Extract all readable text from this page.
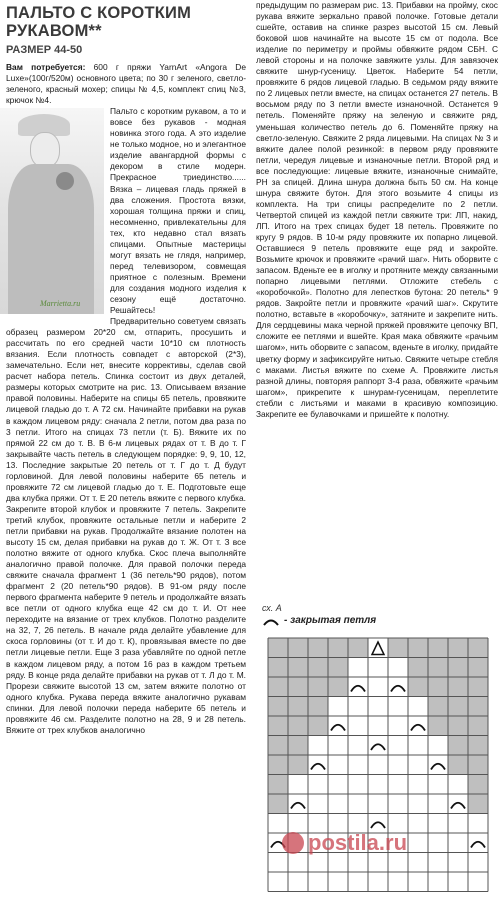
ПАЛЬТО С КОРОТКИМ
РУКАВОМ**
РАЗМЕР 44-50

Вам потребуется: 600 г пряжи YarnArt «Angora De Luxe»(100г/520м) основного цвета; по 30 г зеленого, светло-зеленого, красный мохер; спицы № 4,5, комплект спиц №3, крючок №4.

Marrietta.ru

Пальто с коротким рукавом, а то и вовсе без рукавов - модная новинка этого года. А это изделие не только модное, но и элегантное изделие авангардной формы с декором в стиле модерн. Прекрасное триединство...... Вязка – лицевая гладь пряжей в два сложения. Простота вязки, хорошая толщина пряжи и спиц, несомненно, привлекательны для тех, кто недавно стал вязать спицами. Опытные мастерицы могут вязать не глядя, например, перед телевизором, совмещая приятное с полезным. Времени для создания модного изделия к сезону ещё достаточно. Решайтесь!

Предварительно советуем связать образец размером 20*20 см, отпарить, просушить и рассчитать по его средней части 10*10 см плотность вязания. Если плотность совпадет с авторской (2*3), замечательно. Если нет, внесите коррективы, сделав свой расчет набора петель. Спинка состоит из двух деталей, размеры которых смотрите на рис. 13. Описываем вязание правой половины. Наберите на спицы 65 петель, провяжите лицевой гладью до т. А 72 см. Начинайте прибавки на рукав в каждом лицевом ряду: сначала 2 петли, потом два раза по 3 петли. Итого на спицах 73 петли (т. Б). Вяжите их по прямой 22 см до т. В. В 6-м лицевых рядах от т. В до т. Г закрывайте часть петель в следующем порядке: 9, 9, 10, 12, 13. Последние закрытые 20 петель от т. Г до т. Д будут горловиной. Для левой половины наберите 65 петель и провяжите 72 см лицевой гладью до т. Е. Подготовьте еще два клубка пряжи. От т. Е 20 петель вяжите с первого клубка. Закрепите второй клубок и провяжите 7 петель. Закрепите третий клубок, провяжите остальные петли и наберите 2 петли прибавки на рукав. Продолжайте вязание полотен на высоту 15 см, делая прибавки на рукав до т. Ж. От т. З все полотно вяжите от одного клубка. Скос плеча выполняйте аналогично правой полочке. Для правой полочки переда свяжите сначала фрагмент 1 (36 петель*90 рядов), потом фрагмент 2 (20 петель*90 рядов). В 91-ом ряду после первого фрагмента наберите 9 петель и продолжайте вязать все петли от одного клубка еще 42 см до т. И. От нее переходите на вязание от трех клубков. Полотно разделите на 32, 7, 26 петель. В начале ряда делайте убавление для скоса горловины (от т. И до т. К), провязывая вместе по две петли лицевые петли. Еще 3 раза убавляйте по одной петле в каждом лицевом ряду, а потом 16 раз в каждом третьем ряду. В конце ряда делайте прибавки на рукав от т. Л до т. М. Прорези свяжите высотой 13 см, затем вяжите полотно от одного клубка. Рукава переда вяжите аналогично рукавам спинки. Для левой полочки переда наберите 65 петель и провяжите 46 см. Разделите полотно на 28, 9 и 28 петель. Вяжите от трех клубков аналогично

предыдущим по размерам рис. 13. Прибавки на пройму, скос рукава вяжите зеркально правой полочке. Готовые детали сшейте, оставив на спинке разрез высотой 15 см. Левый боковой шов начинайте на высоте 15 см от подола. Все изделие по периметру и проймы обвяжите рядом СБН. С левой стороны и на полочке завяжите узлы. Для завязочек свяжите шнур-гусеницу. Цветок. Наберите 54 петли, провяжите 6 рядов лицевой гладью. В седьмом ряду вяжите по 2 лицевых петли вместе, на спицах останется 27 петель. В восьмом ряду по 3 петли вместе изнаночной. Останется 9 петель. Поменяйте пряжу на зеленую и свяжите ряд, уменьшая количество петель до 6. Поменяйте пряжу на светло-зеленую. Свяжите 2 ряда лицевыми. На спицах № 3 и вяжите далее полой резинкой: в первом ряду провяжите петли, чередуя лицевые и изнаночные петли. Второй ряд и все последующие: лицевые вяжите, изнаночные снимайте, РН за спицей. Длина шнура должна быть 50 см. На конце шнура свяжите бутон. Для этого возьмите 4 спицы из комплекта. На три спицы распределите по 2 петли. Четвертой спицей из каждой петли свяжите три: ЛП, накид, ЛП. Итого на трех спицах будет 18 петель. Провяжите по кругу 9 рядов. В 10-м ряду провяжите их попарно лицевой. Оставшиеся 9 петель провяжите еще ряд и закройте. Возьмите крючок и провяжите «рачий шаг». Нить оборвите с запасом. Вденьте ее в иголку и протяните между связанными попарно лицевыми петлями. Отложите стебель с «коробочкой». Полотно для лепестков бутона: 20 петель* 9 рядов. Закройте петли и провяжите «рачий шаг». Скрутите полотно, вставьте в «коробочку», затяните и закрепите нить. Для сердцевины мака черной пряжей провяжите цепочку ВП, сложите ее петлями и вшейте. Края мака обвяжите «рачьим шагом», нить оборвите с запасом, вденьте в иголку, придайте цветку форму и зафиксируйте нитью. Свяжите четыре стебля с маками. Листья вяжите по схеме А. Провяжите листья разной длины, повторяя раппорт 3-4 раза, обвяжите «рачьим шагом», прикрепите к шнурам-гусеницам, переплетите стебли с листьями и маками в красивую композицию. Закрепите ее булавочками и пришейте к полотну.

сх. А
- закрытая петля
postila.ru
